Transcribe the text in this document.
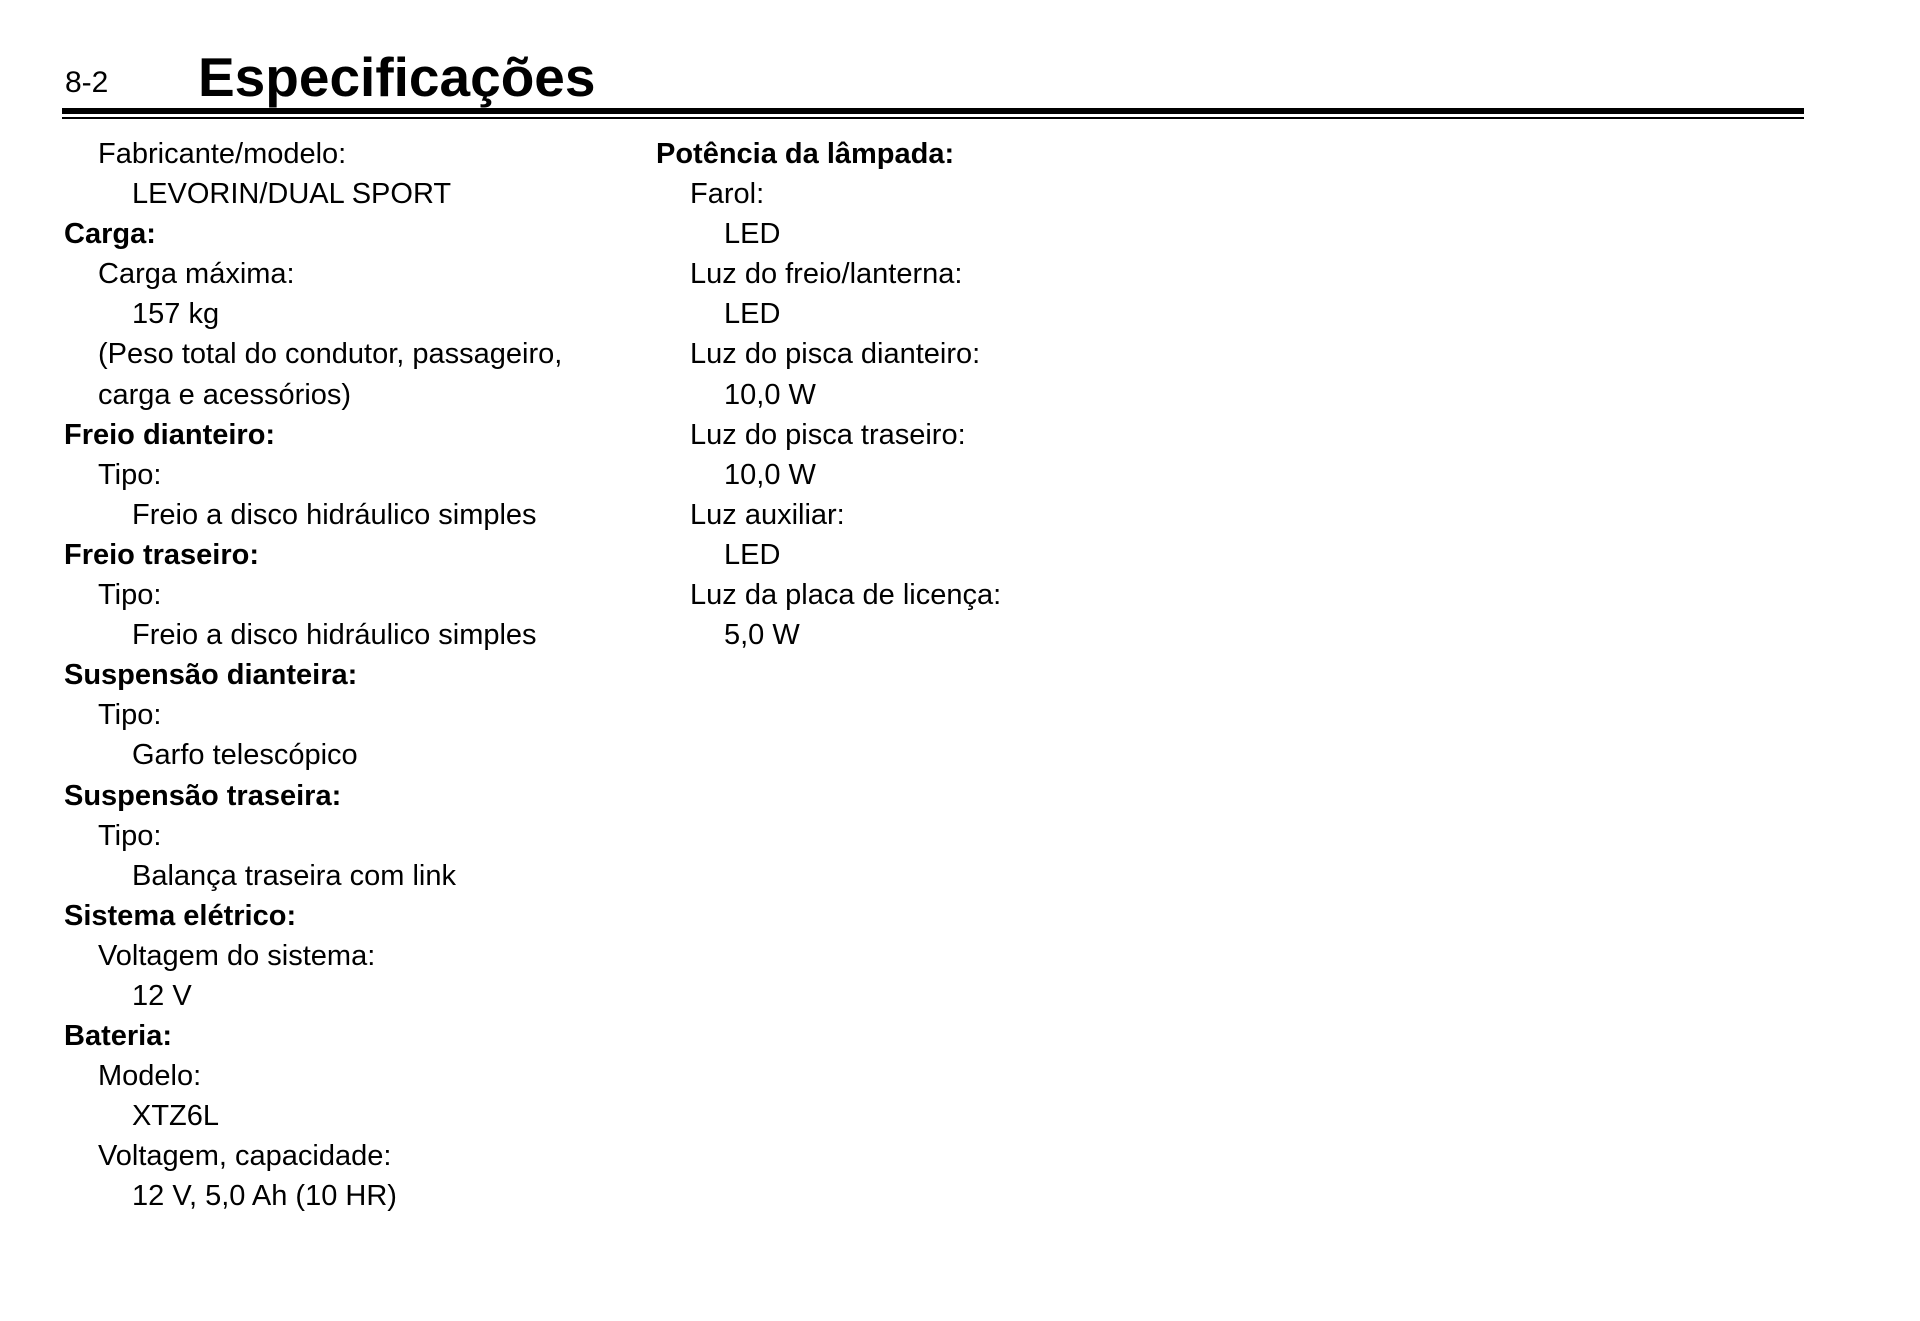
8-2 Especificações
Fabricante/modelo:
LEVORIN/DUAL SPORT
Carga:
Carga máxima:
157 kg
(Peso total do condutor, passageiro,
carga e acessórios)
Freio dianteiro:
Tipo:
Freio a disco hidráulico simples
Freio traseiro:
Tipo:
Freio a disco hidráulico simples
Suspensão dianteira:
Tipo:
Garfo telescópico
Suspensão traseira:
Tipo:
Balança traseira com link
Sistema elétrico:
Voltagem do sistema:
12 V
Bateria:
Modelo:
XTZ6L
Voltagem, capacidade:
12 V, 5,0 Ah (10 HR)
Potência da lâmpada:
Farol:
LED
Luz do freio/lanterna:
LED
Luz do pisca dianteiro:
10,0 W
Luz do pisca traseiro:
10,0 W
Luz auxiliar:
LED
Luz da placa de licença:
5,0 W
